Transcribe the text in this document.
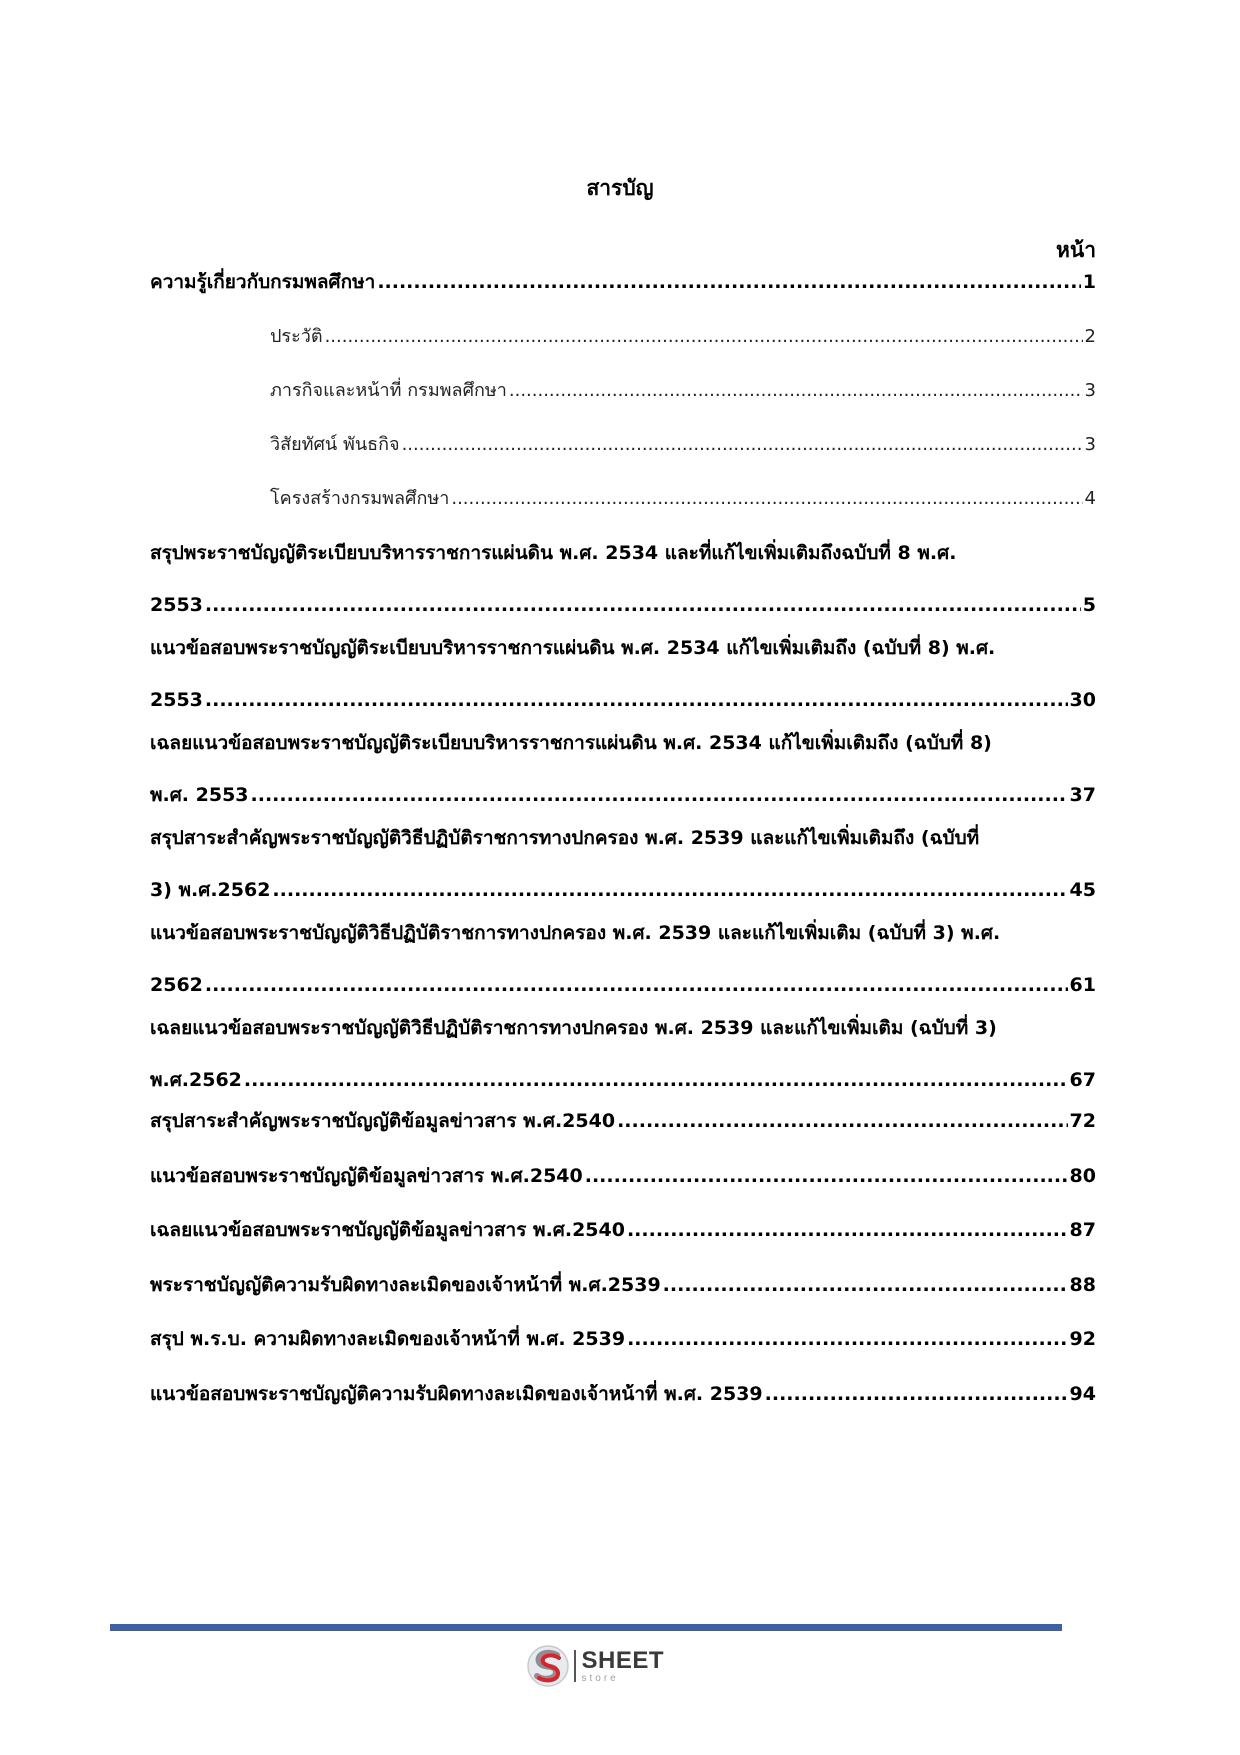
สารบัญ
หน้า
ความรู้เกี่ยวกับกรมพลศึกษา .....	1
ประวัติ .....	2
ภารกิจและหน้าที่ กรมพลศึกษา .....	3
วิสัยทัศน์ พันธกิจ .....	3
โครงสร้างกรมพลศึกษา .....	4
สรุปพระราชบัญญัติระเบียบบริหารราชการแผ่นดิน พ.ศ. 2534 และที่แก้ไขเพิ่มเติมถึงฉบับที่ 8 พ.ศ.
2553 .....	5
แนวข้อสอบพระราชบัญญัติระเบียบบริหารราชการแผ่นดิน พ.ศ. 2534 แก้ไขเพิ่มเติมถึง (ฉบับที่ 8) พ.ศ.
2553 .....	30
เฉลยแนวข้อสอบพระราชบัญญัติระเบียบบริหารราชการแผ่นดิน พ.ศ. 2534 แก้ไขเพิ่มเติมถึง (ฉบับที่ 8)
พ.ศ. 2553 .....	37
สรุปสาระสำคัญพระราชบัญญัติวิธีปฏิบัติราชการทางปกครอง พ.ศ. 2539 และแก้ไขเพิ่มเติมถึง (ฉบับที่
3) พ.ศ.2562 .....	45
แนวข้อสอบพระราชบัญญัติวิธีปฏิบัติราชการทางปกครอง พ.ศ. 2539 และแก้ไขเพิ่มเติม (ฉบับที่ 3) พ.ศ.
2562 .....	61
เฉลยแนวข้อสอบพระราชบัญญัติวิธีปฏิบัติราชการทางปกครอง พ.ศ. 2539 และแก้ไขเพิ่มเติม (ฉบับที่ 3)
พ.ศ.2562 .....	67
สรุปสาระสำคัญพระราชบัญญัติข้อมูลข่าวสาร พ.ศ.2540 .....	72
แนวข้อสอบพระราชบัญญัติข้อมูลข่าวสาร พ.ศ.2540 .....	80
เฉลยแนวข้อสอบพระราชบัญญัติข้อมูลข่าวสาร พ.ศ.2540 .....	87
พระราชบัญญัติความรับผิดทางละเมิดของเจ้าหน้าที่ พ.ศ.2539 .....	88
สรุป พ.ร.บ. ความผิดทางละเมิดของเจ้าหน้าที่ พ.ศ. 2539 .....	92
แนวข้อสอบพระราชบัญญัติความรับผิดทางละเมิดของเจ้าหน้าที่ พ.ศ. 2539 .....	94
SHEET
store
